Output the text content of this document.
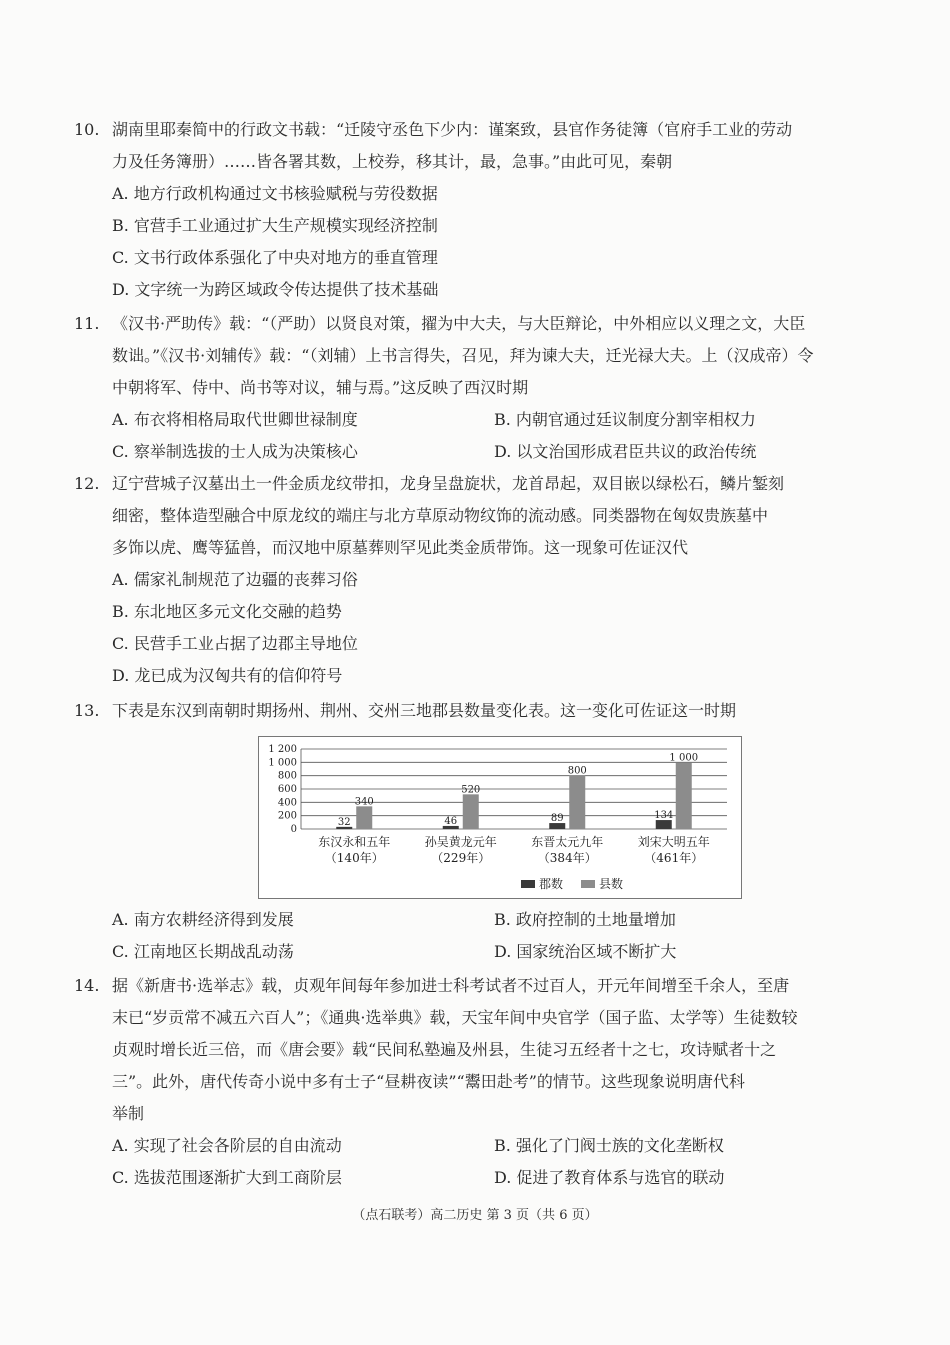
10. 湖南里耶秦简中的行政文书载：“迁陵守丞色下少内：谨案致，县官作务徒簿（官府手工业的劳动
力及任务簿册）……皆各署其数，上校券，移其计，最，急事。”由此可见，秦朝
A. 地方行政机构通过文书核验赋税与劳役数据
B. 官营手工业通过扩大生产规模实现经济控制
C. 文书行政体系强化了中央对地方的垂直管理
D. 文字统一为跨区域政令传达提供了技术基础
11. 《汉书·严助传》载：“（严助）以贤良对策，擢为中大夫，与大臣辩论，中外相应以义理之文，大臣
数诎。”《汉书·刘辅传》载：“（刘辅）上书言得失，召见，拜为谏大夫，迁光禄大夫。上（汉成帝）令
中朝将军、侍中、尚书等对议，辅与焉。”这反映了西汉时期
A. 布衣将相格局取代世卿世禄制度	B. 内朝官通过廷议制度分割宰相权力
C. 察举制选拔的士人成为决策核心	D. 以文治国形成君臣共议的政治传统
12. 辽宁营城子汉墓出土一件金质龙纹带扣，龙身呈盘旋状，龙首昂起，双目嵌以绿松石，鳞片錾刻
细密，整体造型融合中原龙纹的端庄与北方草原动物纹饰的流动感。同类器物在匈奴贵族墓中
多饰以虎、鹰等猛兽，而汉地中原墓葬则罕见此类金质带饰。这一现象可佐证汉代
A. 儒家礼制规范了边疆的丧葬习俗
B. 东北地区多元文化交融的趋势
C. 民营手工业占据了边郡主导地位
D. 龙已成为汉匈共有的信仰符号
13. 下表是东汉到南朝时期扬州、荆州、交州三地郡县数量变化表。这一变化可佐证这一时期
0
200
400
600
800
1 000
1 200
32
340
东汉永和五年
（140年）
46
520
孙吴黄龙元年
（229年）
89
800
东晋太元九年
（384年）
134
1 000
刘宋大明五年
（461年）
郡数	县数
A. 南方农耕经济得到发展	B. 政府控制的土地量增加
C. 江南地区长期战乱动荡	D. 国家统治区域不断扩大
14. 据《新唐书·选举志》载，贞观年间每年参加进士科考试者不过百人，开元年间增至千余人，至唐
末已“岁贡常不减五六百人”；《通典·选举典》载，天宝年间中央官学（国子监、太学等）生徒数较
贞观时增长近三倍，而《唐会要》载“民间私塾遍及州县，生徒习五经者十之七，攻诗赋者十之
三”。此外，唐代传奇小说中多有士子“昼耕夜读”“鬻田赴考”的情节。这些现象说明唐代科
举制
A. 实现了社会各阶层的自由流动	B. 强化了门阀士族的文化垄断权
C. 选拔范围逐渐扩大到工商阶层	D. 促进了教育体系与选官的联动
（点石联考）高二历史 第 3 页（共 6 页）
